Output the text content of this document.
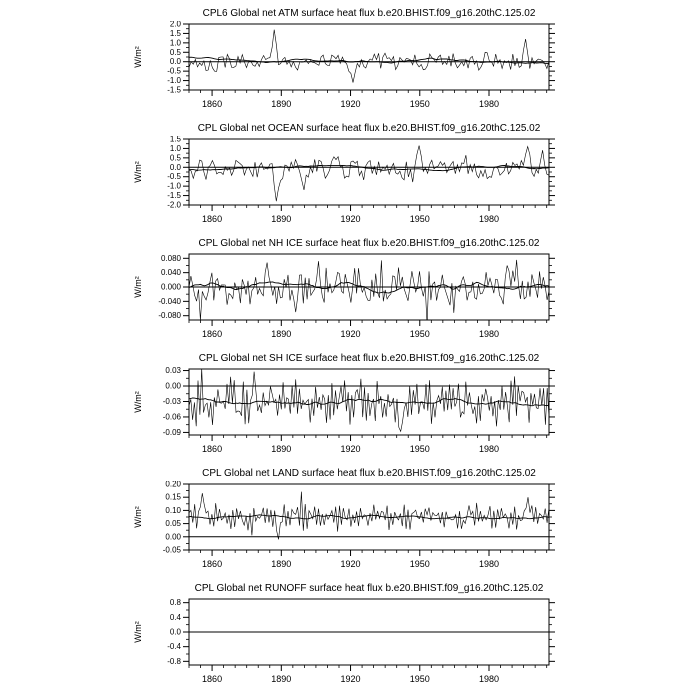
CPL6 Global net ATM surface heat flux b.e20.BHIST.f09_g16.20thC.125.02
2.0
1.5
1.0
0.5
0.0
-0.5
-1.0
-1.5
1860	1890	1920	1950	1980
W/m²
CPL Global net OCEAN surface heat flux b.e20.BHIST.f09_g16.20thC.125.02
1.5
1.0
0.5
0.0
-0.5
-1.0
-1.5
-2.0
1860	1890	1920	1950	1980
W/m²
CPL Global net NH ICE surface heat flux b.e20.BHIST.f09_g16.20thC.125.02
0.080
0.040
0.000
-0.040
-0.080
1860	1890	1920	1950	1980
W/m²
CPL Global net SH ICE surface heat flux b.e20.BHIST.f09_g16.20thC.125.02
0.03
0.00
-0.03
-0.06
-0.09
1860	1890	1920	1950	1980
W/m²
CPL Global net LAND surface heat flux b.e20.BHIST.f09_g16.20thC.125.02
0.20
0.15
0.10
0.05
0.00
-0.05
1860	1890	1920	1950	1980
W/m²
CPL Global net RUNOFF surface heat flux b.e20.BHIST.f09_g16.20thC.125.02
0.8
0.4
0.0
-0.4
-0.8
1860	1890	1920	1950	1980
W/m²
